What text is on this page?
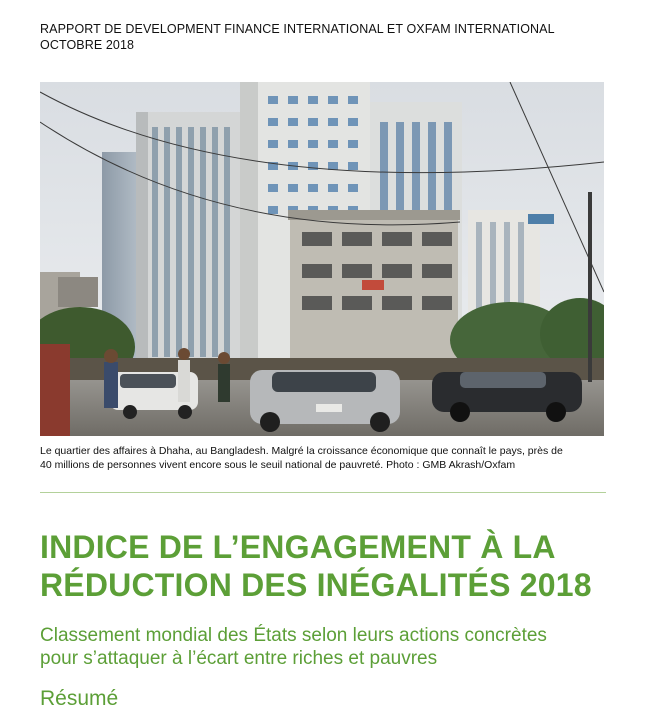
RAPPORT DE DEVELOPMENT FINANCE INTERNATIONAL ET OXFAM INTERNATIONAL
OCTOBRE 2018
Le quartier des affaires à Dhaha, au Bangladesh. Malgré la croissance économique que connaît le pays, près de
40 millions de personnes vivent encore sous le seuil national de pauvreté. Photo : GMB Akrash/Oxfam
INDICE DE L’ENGAGEMENT À LA
RÉDUCTION DES INÉGALITÉS 2018
Classement mondial des États selon leurs actions concrètes
pour s’attaquer à l’écart entre riches et pauvres
Résumé
